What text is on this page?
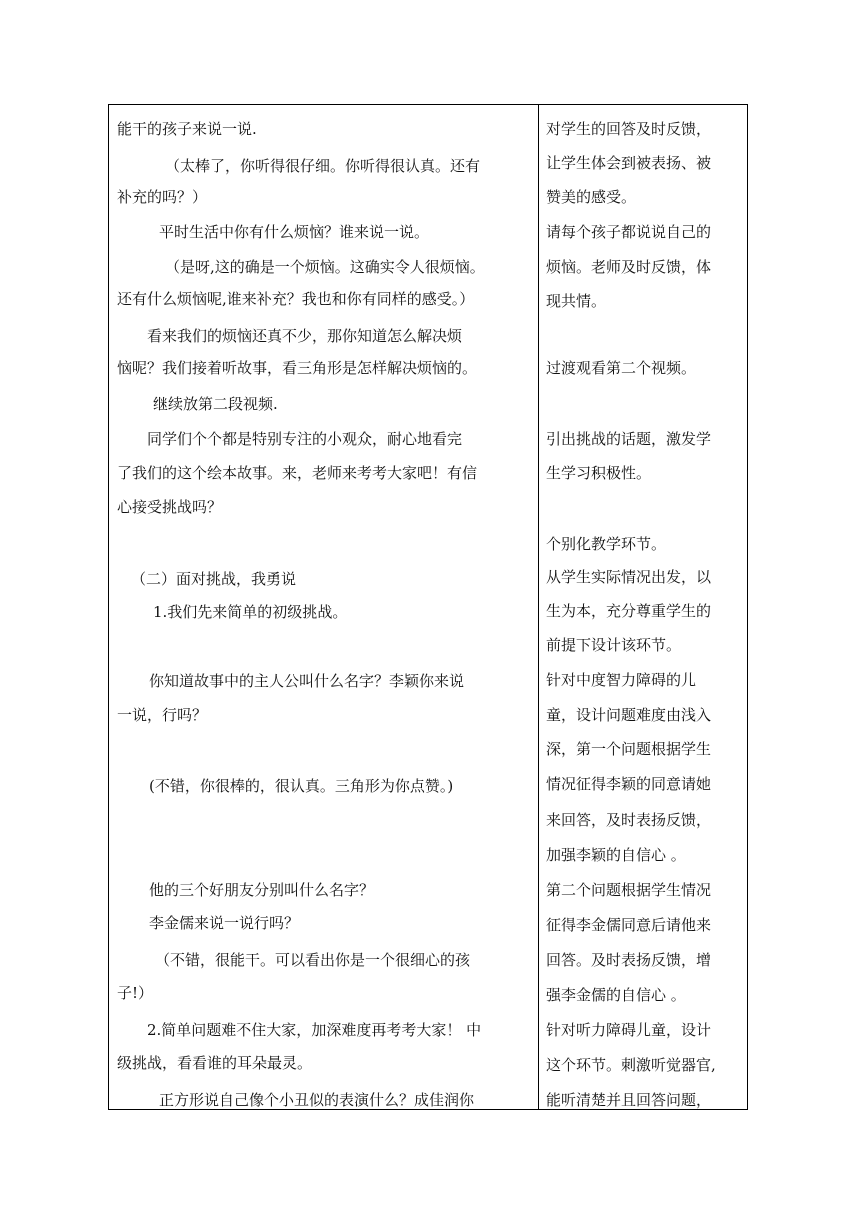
能干的孩子来说一说.
（太棒了，你听得很仔细。你听得很认真。还有
补充的吗？）
平时生活中你有什么烦恼？谁来说一说。
（是呀,这的确是一个烦恼。这确实令人很烦恼。
还有什么烦恼呢,谁来补充？我也和你有同样的感受。）
看来我们的烦恼还真不少，那你知道怎么解决烦
恼呢？我们接着听故事，看三角形是怎样解决烦恼的。
继续放第二段视频.
同学们个个都是特别专注的小观众，耐心地看完
了我们的这个绘本故事。来，老师来考考大家吧！有信
心接受挑战吗？
（二）面对挑战，我勇说
1.我们先来简单的初级挑战。
你知道故事中的主人公叫什么名字？李颖你来说
一说，行吗？
(不错，你很棒的，很认真。三角形为你点赞。)
他的三个好朋友分别叫什么名字？
李金儒来说一说行吗？
（不错，很能干。可以看出你是一个很细心的孩
子!）
2.简单问题难不住大家，加深难度再考考大家！ 中
级挑战，看看谁的耳朵最灵。
正方形说自己像个小丑似的表演什么？成佳润你
对学生的回答及时反馈，
让学生体会到被表扬、被
赞美的感受。
请每个孩子都说说自己的
烦恼。老师及时反馈，体
现共情。
过渡观看第二个视频。
引出挑战的话题，激发学
生学习积极性。
个别化教学环节。
从学生实际情况出发，以
生为本，充分尊重学生的
前提下设计该环节。
针对中度智力障碍的儿
童，设计问题难度由浅入
深，第一个问题根据学生
情况征得李颖的同意请她
来回答，及时表扬反馈，
加强李颖的自信心 。
第二个问题根据学生情况
征得李金儒同意后请他来
回答。及时表扬反馈，增
强李金儒的自信心 。
针对听力障碍儿童，设计
这个环节。刺激听觉器官,
能听清楚并且回答问题，
